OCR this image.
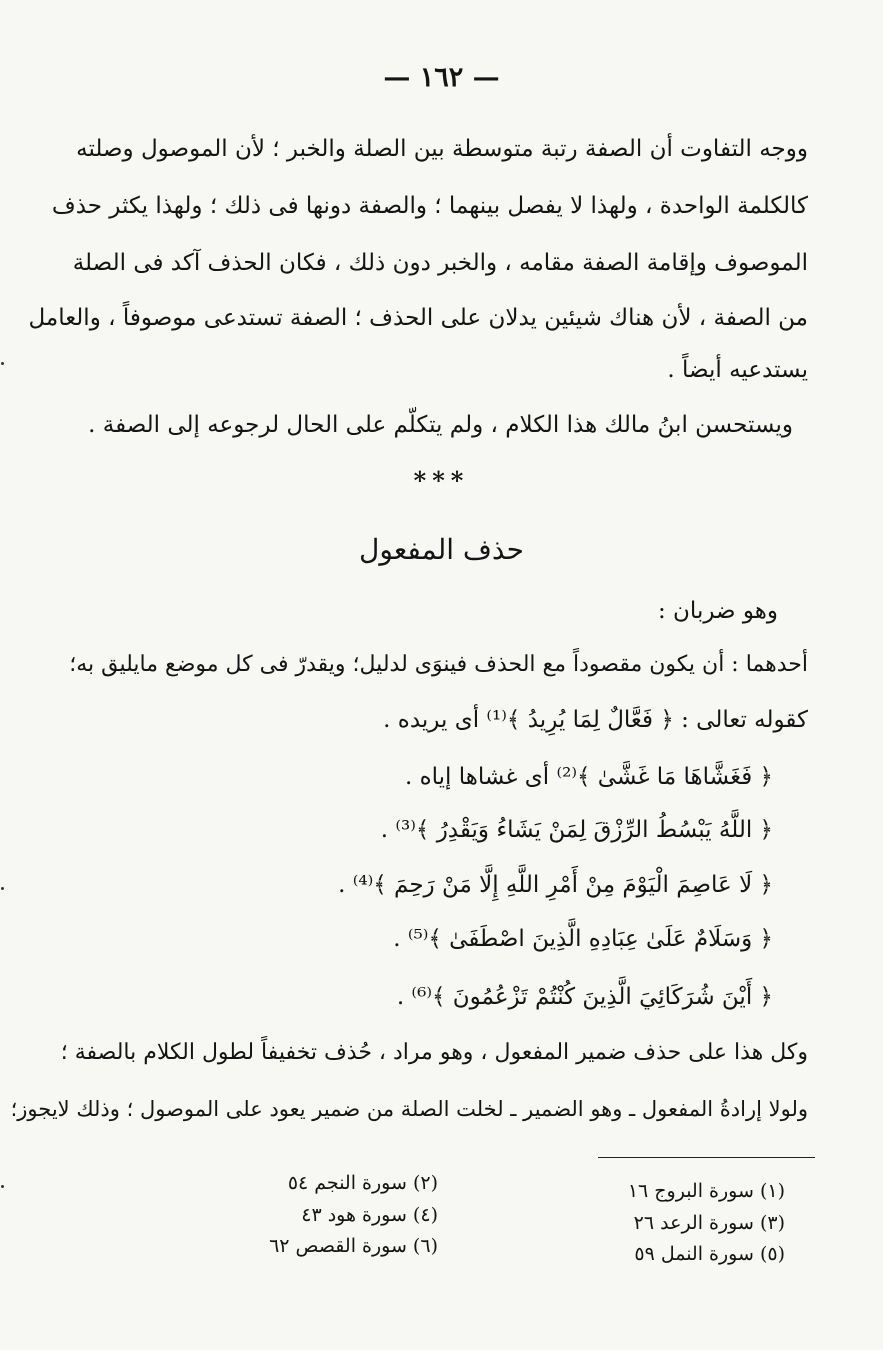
— ١٦٢ —
ووجه التفاوت أن الصفة رتبة متوسطة بين الصلة والخبر ؛ لأن الموصول وصلته
كالكلمة الواحدة ، ولهذا لا يفصل بينهما ؛ والصفة دونها فى ذلك ؛ ولهذا يكثر حذف
الموصوف وإقامة الصفة مقامه ، والخبر دون ذلك ، فكان الحذف آكد فى الصلة
من الصفة ، لأن هناك شيئين يدلان على الحذف ؛ الصفة تستدعى موصوفاً ، والعامل
يستدعيه أيضاً .
ويستحسن ابنُ مالك هذا الكلام ، ولم يتكلّم على الحال لرجوعه إلى الصفة .
***
حذف المفعول
وهو ضربان :
أحدهما : أن يكون مقصوداً مع الحذف فينوَى لدليل؛ ويقدرّ فى كل موضع مايليق به؛
كقوله تعالى : ﴿ فَعَّالٌ لِمَا يُرِيدُ ﴾⁽¹⁾ أى يريده .
﴿ فَغَشَّاهَا مَا غَشَّىٰ ﴾⁽²⁾ أى غشاها إياه .
﴿ اللَّهُ يَبْسُطُ الرِّزْقَ لِمَنْ يَشَاءُ وَيَقْدِرُ ﴾⁽³⁾ .
﴿ لَا عَاصِمَ الْيَوْمَ مِنْ أَمْرِ اللَّهِ إِلَّا مَنْ رَحِمَ ﴾⁽⁴⁾ .
﴿ وَسَلَامٌ عَلَىٰ عِبَادِهِ الَّذِينَ اصْطَفَىٰ ﴾⁽⁵⁾ .
﴿ أَيْنَ شُرَكَائِيَ الَّذِينَ كُنْتُمْ تَزْعُمُونَ ﴾⁽⁶⁾ .
وكل هذا على حذف ضمير المفعول ، وهو مراد ، حُذف تخفيفاً لطول الكلام بالصفة ؛
ولولا إرادةُ المفعول ـ وهو الضمير ـ لخلت الصلة من ضمير يعود على الموصول ؛ وذلك لايجوز؛
(١) سورة البروج ١٦
(٣) سورة الرعد ٢٦
(٥) سورة النمل ٥٩
(٢) سورة النجم ٥٤
(٤) سورة هود ٤٣
(٦) سورة القصص ٦٢
